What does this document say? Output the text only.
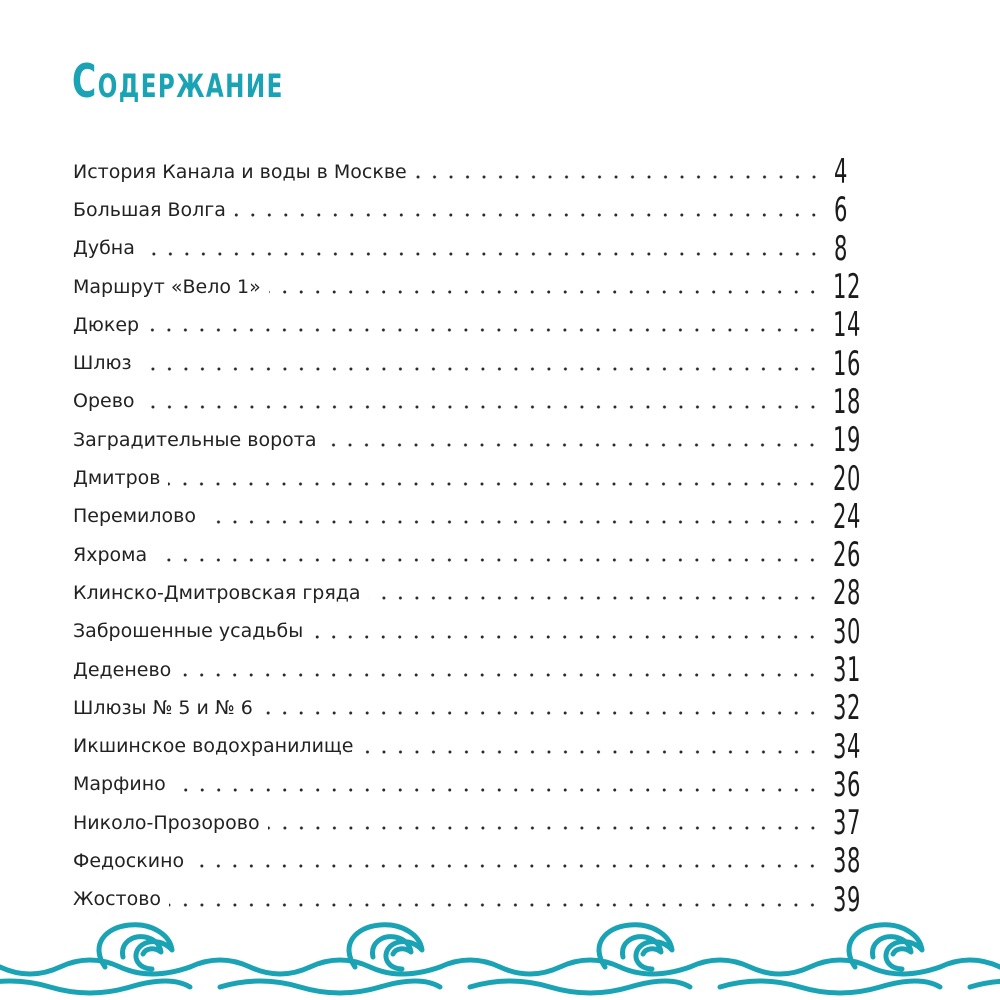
Содержание
История Канала и воды в Москве	4
Большая Волга	6
Дубна	8
Маршрут «Вело 1»	12
Дюкер	14
Шлюз	16
Орево	18
Заградительные ворота	19
Дмитров	20
Перемилово	24
Яхрома	26
Клинско-Дмитровская гряда	28
Заброшенные усадьбы	30
Деденево	31
Шлюзы № 5 и № 6	32
Икшинское водохранилище	34
Марфино	36
Николо-Прозорово	37
Федоскино	38
Жостово	39
